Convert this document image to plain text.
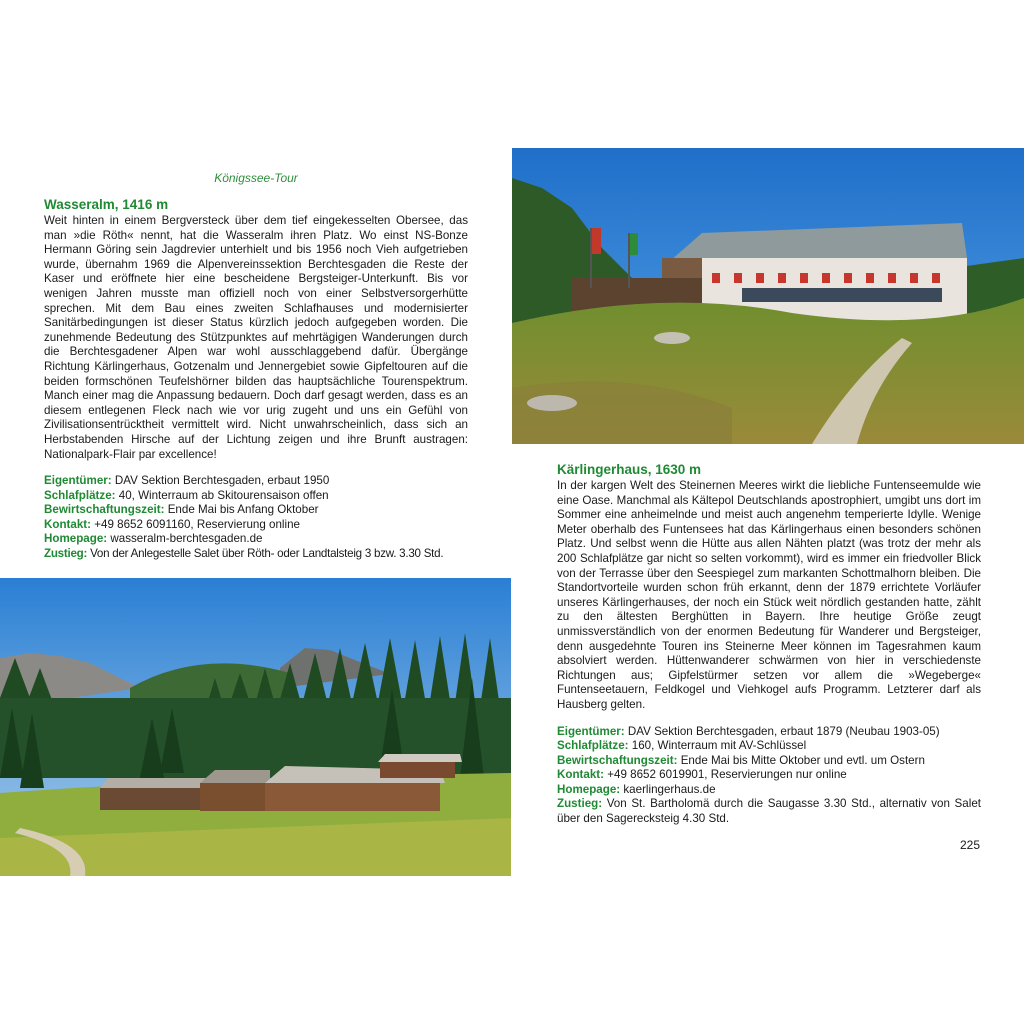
Königssee-Tour
Wasseralm, 1416 m

Weit hinten in einem Bergversteck über dem tief eingekesselten Obersee, das man »die Röth« nennt, hat die Wasseralm ihren Platz. Wo einst NS-Bonze Hermann Göring sein Jagdrevier unterhielt und bis 1956 noch Vieh aufgetrieben wurde, übernahm 1969 die Alpenvereinssektion Berchtesgaden die Reste der Kaser und eröffnete hier eine bescheidene Bergsteiger-Unterkunft. Bis vor wenigen Jahren musste man offiziell noch von einer Selbstversorgerhütte sprechen. Mit dem Bau eines zweiten Schlafhauses und modernisierter Sanitärbedingungen ist dieser Status kürzlich jedoch aufgegeben worden. Die zunehmende Bedeutung des Stützpunktes auf mehrtägigen Wanderungen durch die Berchtesgadener Alpen war wohl ausschlaggebend dafür. Übergänge Richtung Kärlingerhaus, Gotzenalm und Jennergebiet sowie Gipfeltouren auf die beiden formschönen Teufelshörner bilden das hauptsächliche Tourenspektrum. Manch einer mag die Anpassung bedauern. Doch darf gesagt werden, dass es an diesem entlegenen Fleck nach wie vor urig zugeht und uns ein Gefühl von Zivilisationsentrücktheit vermittelt wird. Nicht unwahrscheinlich, dass sich an Herbstabenden Hirsche auf der Lichtung zeigen und ihre Brunft austragen: Nationalpark-Flair par excellence!

Eigentümer: DAV Sektion Berchtesgaden, erbaut 1950
Schlafplätze: 40, Winterraum ab Skitourensaison offen
Bewirtschaftungszeit: Ende Mai bis Anfang Oktober
Kontakt: +49 8652 6091160, Reservierung online
Homepage: wasseralm-berchtesgaden.de
Zustieg: Von der Anlegestelle Salet über Röth- oder Landtalsteig 3 bzw. 3.30 Std.
Kärlingerhaus, 1630 m

In der kargen Welt des Steinernen Meeres wirkt die liebliche Funtenseemulde wie eine Oase. Manchmal als Kältepol Deutschlands apostrophiert, umgibt uns dort im Sommer eine anheimelnde und meist auch angenehm temperierte Idylle. Wenige Meter oberhalb des Funtensees hat das Kärlingerhaus einen besonders schönen Platz. Und selbst wenn die Hütte aus allen Nähten platzt (was trotz der mehr als 200 Schlafplätze gar nicht so selten vorkommt), wird es immer ein friedvoller Blick von der Terrasse über den Seespiegel zum markanten Schottmalhorn bleiben. Die Standortvorteile wurden schon früh erkannt, denn der 1879 errichtete Vorläufer unseres Kärlingerhauses, der noch ein Stück weit nördlich gestanden hatte, zählt zu den ältesten Berghütten in Bayern. Ihre heutige Größe zeugt unmissverständlich von der enormen Bedeutung für Wanderer und Bergsteiger, denn ausgedehnte Touren ins Steinerne Meer können im Tagesrahmen kaum absolviert werden. Hüttenwanderer schwärmen von hier in verschiedenste Richtungen aus; Gipfelstürmer setzen vor allem die »Wegeberge« Funtenseetauern, Feldkogel und Viehkogel aufs Programm. Letzterer darf als Hausberg gelten.

Eigentümer: DAV Sektion Berchtesgaden, erbaut 1879 (Neubau 1903-05)
Schlafplätze: 160, Winterraum mit AV-Schlüssel
Bewirtschaftungszeit: Ende Mai bis Mitte Oktober und evtl. um Ostern
Kontakt: +49 8652 6019901, Reservierungen nur online
Homepage: kaerlingerhaus.de
Zustieg: Von St. Bartholomä durch die Saugasse 3.30 Std., alternativ von Salet über den Sagerecksteig 4.30 Std.
225
